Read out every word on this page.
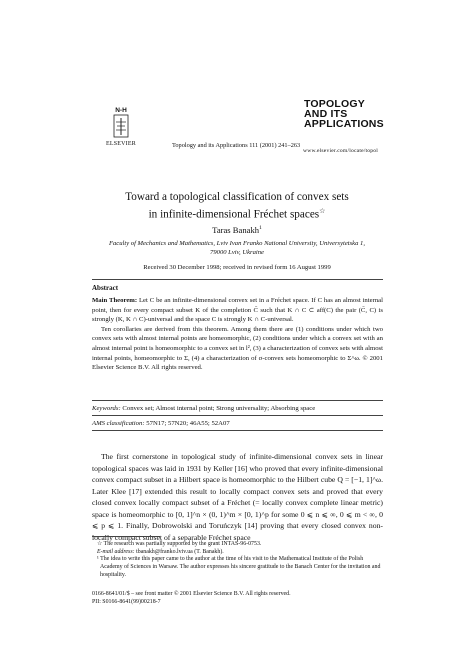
N-H
ELSEVIER	Topology and its Applications 111 (2001) 241–263
TOPOLOGY
AND ITS
APPLICATIONS
www.elsevier.com/locate/topol
Toward a topological classification of convex sets
in infinite-dimensional Fréchet spaces☆
Taras Banakh$^1$
Faculty of Mechanics and Mathematics, Lviv Ivan Franko National University, Universytetska 1,
79000 Lviv, Ukraine
Received 30 December 1998; received in revised form 16 August 1999
Abstract

Main Theorem: Let C be an infinite-dimensional convex set in a Fréchet space. If C has an almost internal point, then for every compact subset K of the completion C̄ such that K ∩ C ⊂ aff(C) the pair (C̄, C) is strongly (K, K ∩ C)-universal and the space C is strongly K ∩ C-universal.

Ten corollaries are derived from this theorem. Among them there are (1) conditions under which two convex sets with almost internal points are homeomorphic, (2) conditions under which a convex set with an almost internal point is homeomorphic to a convex set in l², (3) a characterization of convex sets with almost internal points, homeomorphic to Σ, (4) a characterization of σ-convex sets homeomorphic to Σ^ω. © 2001 Elsevier Science B.V. All rights reserved.

Keywords: Convex set; Almost internal point; Strong universality; Absorbing space
AMS classification: 57N17; 57N20; 46A55; 52A07

The first cornerstone in topological study of infinite-dimensional convex sets in linear topological spaces was laid in 1931 by Keller [16] who proved that every infinite-dimensional convex compact subset in a Hilbert space is homeomorphic to the Hilbert cube Q = [−1, 1]^ω. Later Klee [17] extended this result to locally compact convex sets and proved that every closed convex locally compact subset of a Fréchet (= locally convex complete linear metric) space is homeomorphic to [0, 1]^n × (0, 1)^m × [0, 1)^p for some 0 ⩽ n ⩽ ∞, 0 ⩽ m < ∞, 0 ⩽ p ⩽ 1. Finally, Dobrowolski and Toruńczyk [14] proving that every closed convex non-locally compact subset of a separable Fréchet space

☆ The research was partially supported by the grant INTAS-96-0753.

E-mail address: tbanakh@franko.lviv.ua (T. Banakh).

¹ The idea to write this paper came to the author at the time of his visit to the Mathematical Institute of the Polish Academy of Sciences in Warsaw. The author expresses his sincere gratitude to the Banach Center for the invitation and hospitality.

0166-8641/01/$ – see front matter © 2001 Elsevier Science B.V. All rights reserved.
PII: S0166-8641(99)00218-7
